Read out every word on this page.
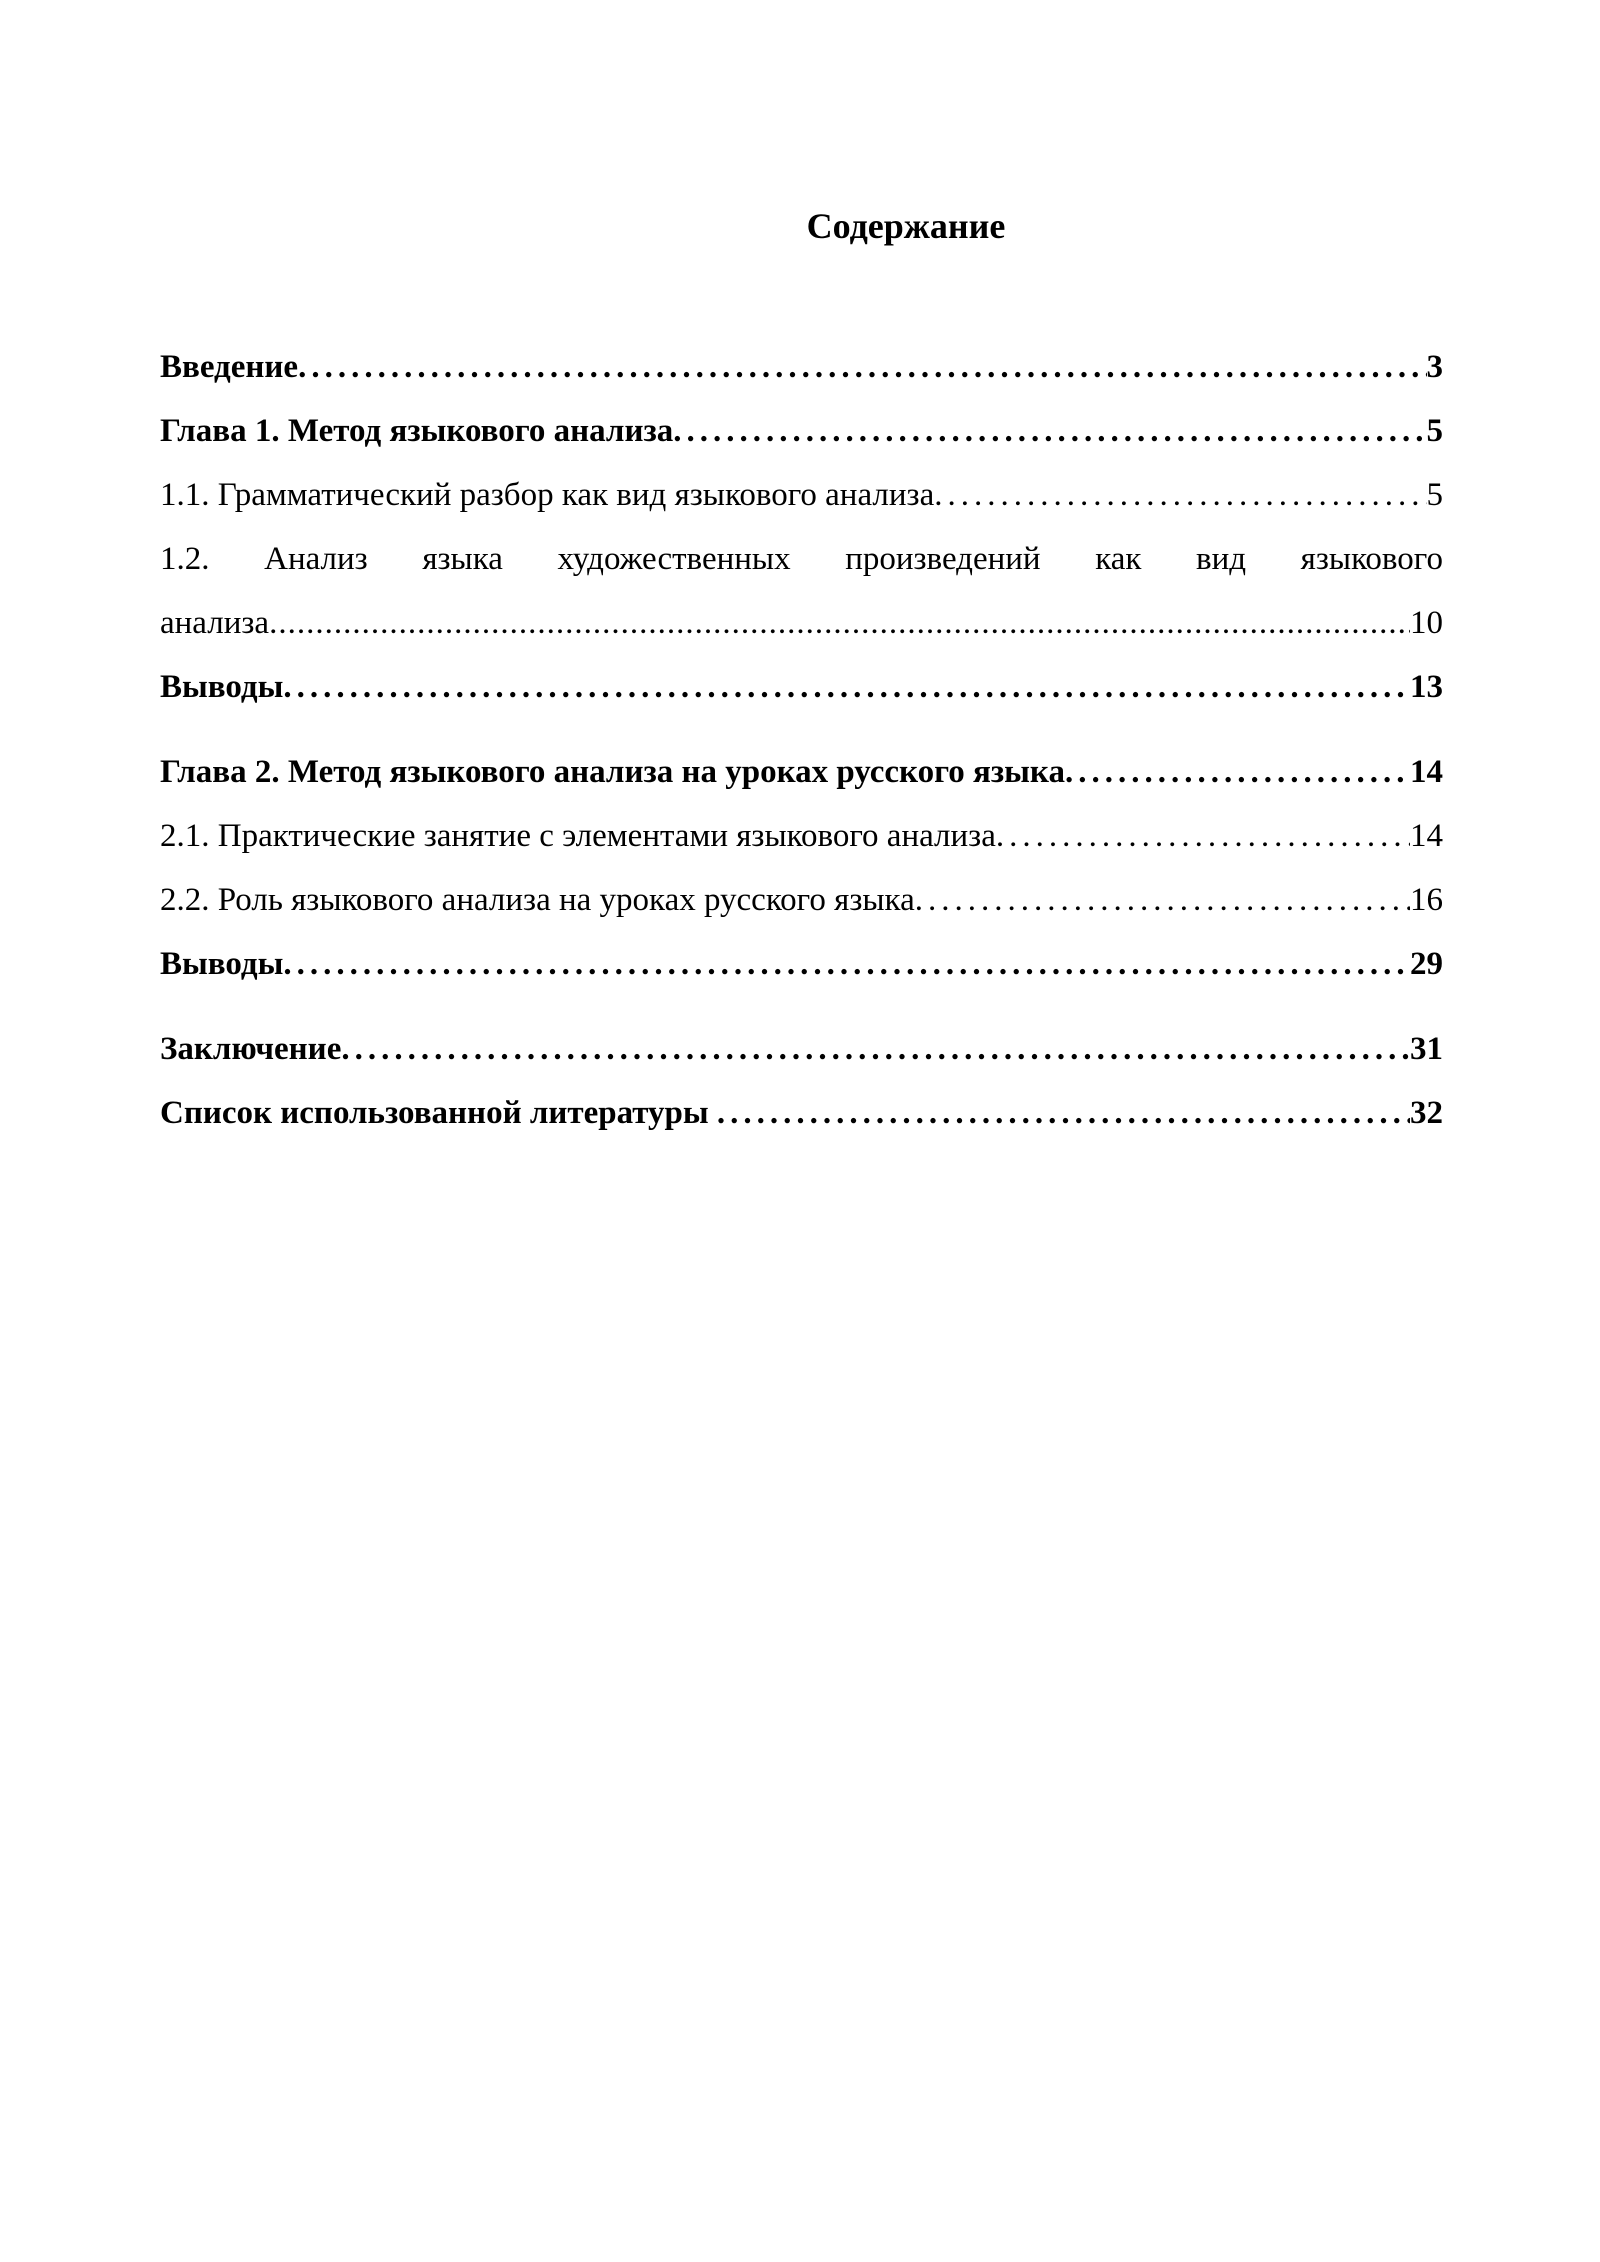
Содержание
Введение .....	3
Глава 1. Метод языкового анализа .....	5
1.1. Грамматический разбор как вид языкового анализа .....	5
1.2. Анализ языка художественных произведений как вид языкового
анализа .....	10
Выводы .....	13
Глава 2. Метод языкового анализа на уроках русского языка .....	14
2.1. Практические занятие с элементами языкового анализа .....	14
2.2. Роль языкового анализа на уроках русского языка .....	16
Выводы .....	29
Заключение .....	31
Список использованной литературы .....	32
